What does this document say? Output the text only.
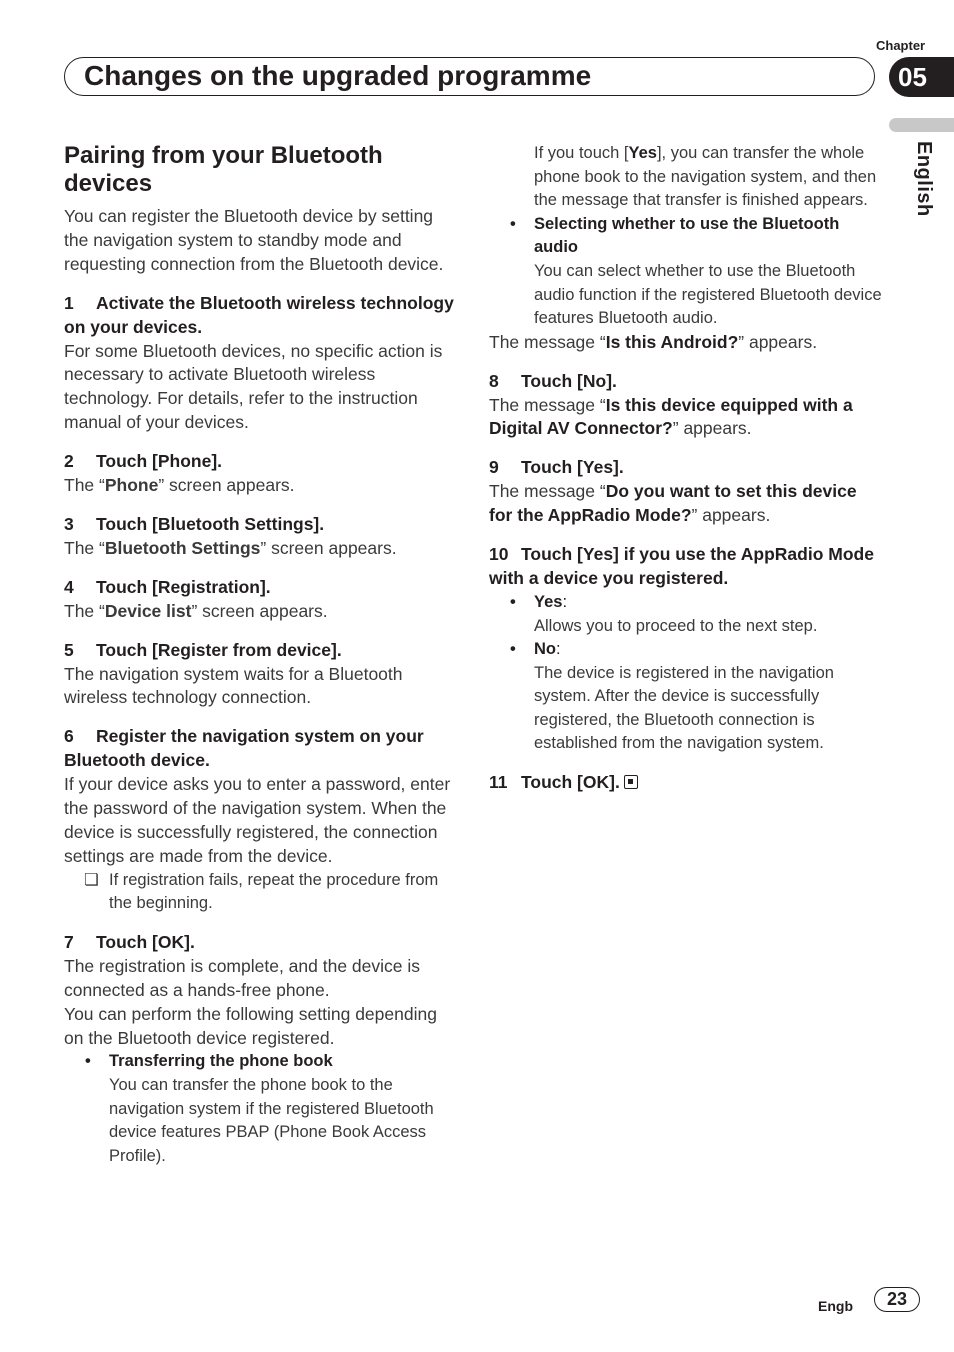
Chapter
05
Changes on the upgraded programme
English
Pairing from your Bluetooth devices

You can register the Bluetooth device by setting the navigation system to standby mode and requesting connection from the Bluetooth device.

1 Activate the Bluetooth wireless technology on your devices.

For some Bluetooth devices, no specific action is necessary to activate Bluetooth wireless technology. For details, refer to the instruction manual of your devices.

2 Touch [Phone].

The “Phone” screen appears.

3 Touch [Bluetooth Settings].

The “Bluetooth Settings” screen appears.

4 Touch [Registration].

The “Device list” screen appears.

5 Touch [Register from device].

The navigation system waits for a Bluetooth wireless technology connection.

6 Register the navigation system on your Bluetooth device.

If your device asks you to enter a password, enter the password of the navigation system. When the device is successfully registered, the connection settings are made from the device.

❏ If registration fails, repeat the procedure from the beginning.

7 Touch [OK].

The registration is complete, and the device is connected as a hands-free phone.

You can perform the following setting depending on the Bluetooth device registered.

• Transferring the phone book
You can transfer the phone book to the navigation system if the registered Bluetooth device features PBAP (Phone Book Access Profile).
If you touch [Yes], you can transfer the whole phone book to the navigation system, and then the message that transfer is finished appears.
• Selecting whether to use the Bluetooth audio
You can select whether to use the Bluetooth audio function if the registered Bluetooth device features Bluetooth audio.

The message “Is this Android?” appears.

8 Touch [No].

The message “Is this device equipped with a Digital AV Connector?” appears.

9 Touch [Yes].

The message “Do you want to set this device for the AppRadio Mode?” appears.

10 Touch [Yes] if you use the AppRadio Mode with a device you registered.

• Yes:
Allows you to proceed to the next step.
• No:
The device is registered in the navigation system. After the device is successfully registered, the Bluetooth connection is established from the navigation system.

11 Touch [OK].

Engb	23
